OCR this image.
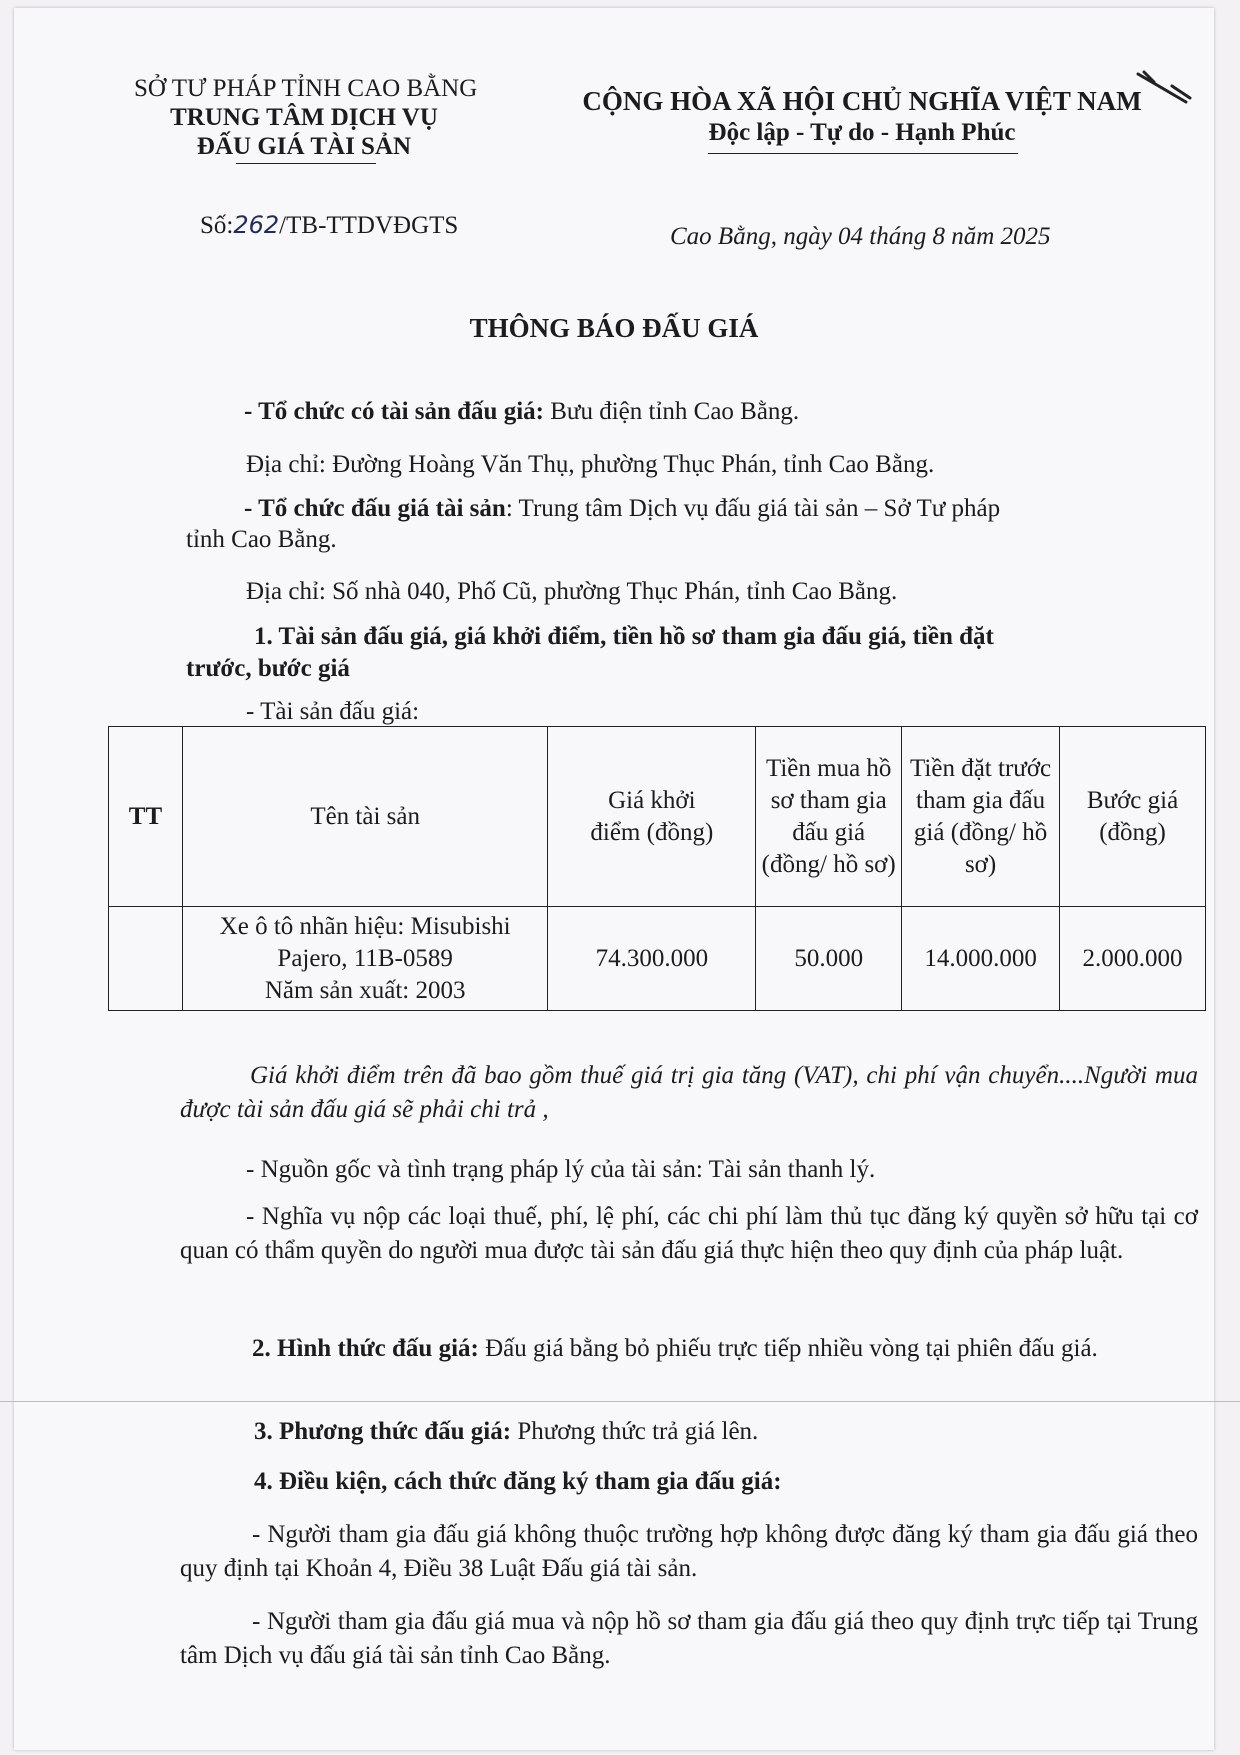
SỞ TƯ PHÁP TỈNH CAO BẰNG
TRUNG TÂM DỊCH VỤ
ĐẤU GIÁ TÀI SẢN
CỘNG HÒA XÃ HỘI CHỦ NGHĨA VIỆT NAM
Độc lập - Tự do - Hạnh Phúc
Số:262/TB-TTDVĐGTS	Cao Bằng, ngày 04 tháng 8 năm 2025
THÔNG BÁO ĐẤU GIÁ
- Tổ chức có tài sản đấu giá: Bưu điện tỉnh Cao Bằng.
Địa chỉ: Đường Hoàng Văn Thụ, phường Thục Phán, tỉnh Cao Bằng.
- Tổ chức đấu giá tài sản: Trung tâm Dịch vụ đấu giá tài sản – Sở Tư pháp
tỉnh Cao Bằng.
Địa chỉ: Số nhà 040, Phố Cũ, phường Thục Phán, tỉnh Cao Bằng.
1. Tài sản đấu giá, giá khởi điểm, tiền hồ sơ tham gia đấu giá, tiền đặt
trước, bước giá
- Tài sản đấu giá:
TT	Tên tài sản	Giá khởi điểm (đồng)	Tiền mua hồ sơ tham gia đấu giá (đồng/ hồ sơ)	Tiền đặt trước tham gia đấu giá (đồng/ hồ sơ)	Bước giá (đồng)

	Xe ô tô nhãn hiệu: Misubishi
Pajero, 11B-0589
Năm sản xuất: 2003	74.300.000	50.000	14.000.000	2.000.000
Giá khởi điểm trên đã bao gồm thuế giá trị gia tăng (VAT), chi phí vận chuyển....Người mua được tài sản đấu giá sẽ phải chi trả ,
- Nguồn gốc và tình trạng pháp lý của tài sản: Tài sản thanh lý.
- Nghĩa vụ nộp các loại thuế, phí, lệ phí, các chi phí làm thủ tục đăng ký quyền sở hữu tại cơ quan có thẩm quyền do người mua được tài sản đấu giá thực hiện theo quy định của pháp luật.
2. Hình thức đấu giá: Đấu giá bằng bỏ phiếu trực tiếp nhiều vòng tại phiên đấu giá.
3. Phương thức đấu giá: Phương thức trả giá lên.
4. Điều kiện, cách thức đăng ký tham gia đấu giá:
- Người tham gia đấu giá không thuộc trường hợp không được đăng ký tham gia đấu giá theo quy định tại Khoản 4, Điều 38 Luật Đấu giá tài sản.
- Người tham gia đấu giá mua và nộp hồ sơ tham gia đấu giá theo quy định trực tiếp tại Trung tâm Dịch vụ đấu giá tài sản tỉnh Cao Bằng.
